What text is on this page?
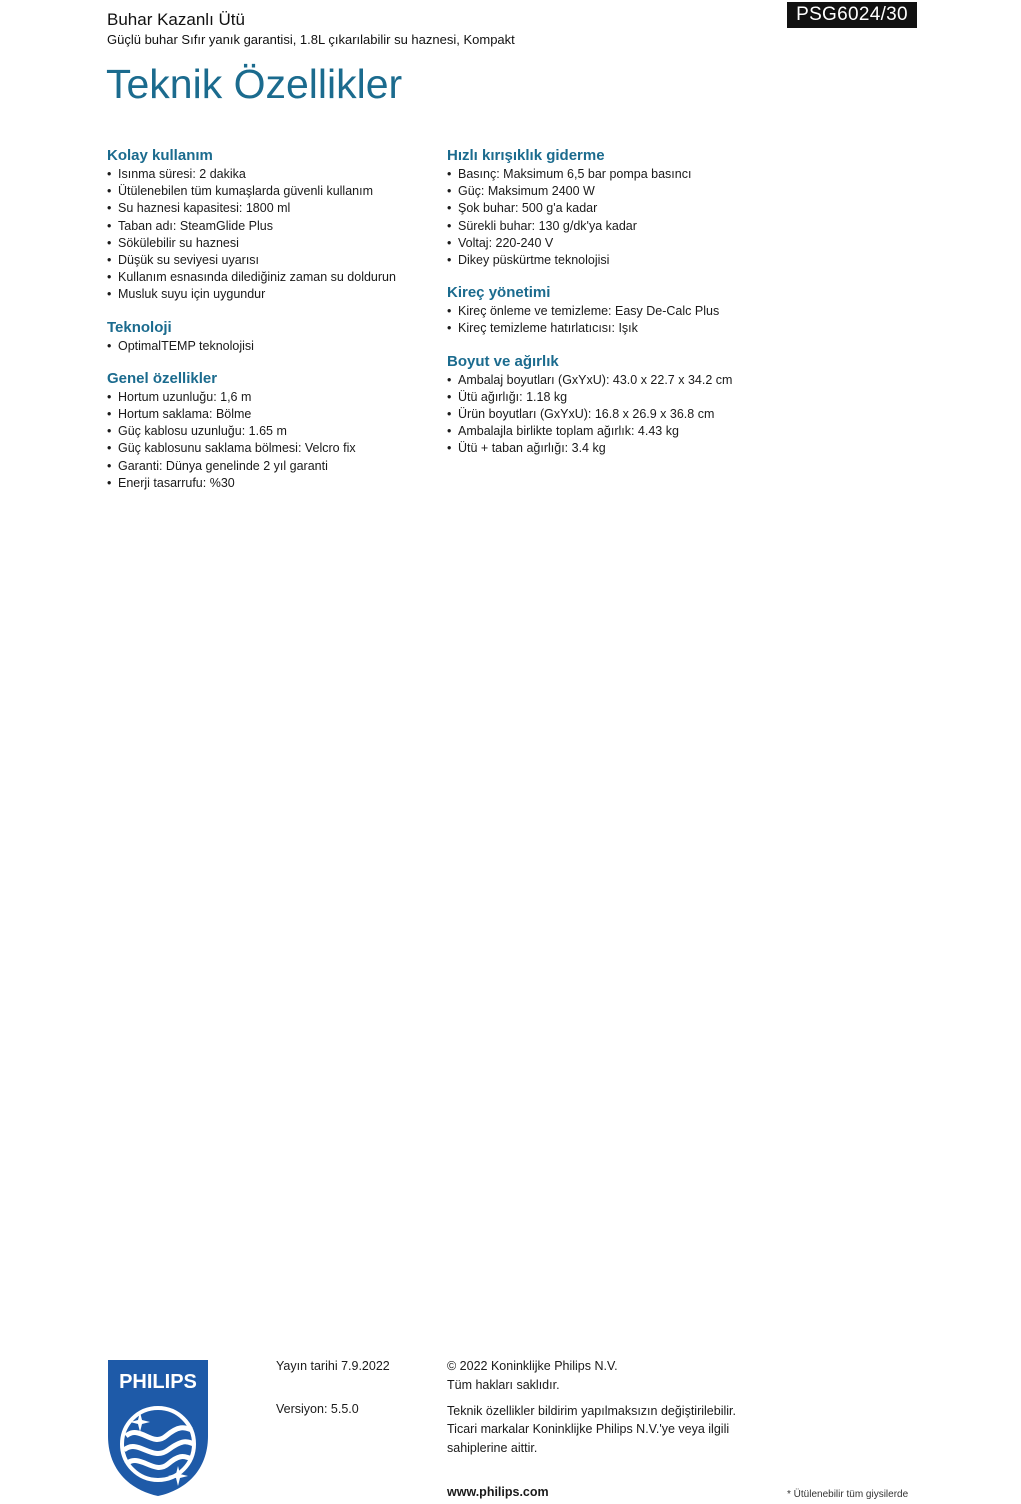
Buhar Kazanlı Ütü
Güçlü buhar Sıfır yanık garantisi, 1.8L çıkarılabilir su haznesi, Kompakt
PSG6024/30
Teknik Özellikler
Kolay kullanım
• Isınma süresi: 2 dakika
• Ütülenebilen tüm kumaşlarda güvenli kullanım
• Su haznesi kapasitesi: 1800 ml
• Taban adı: SteamGlide Plus
• Sökülebilir su haznesi
• Düşük su seviyesi uyarısı
• Kullanım esnasında dilediğiniz zaman su doldurun
• Musluk suyu için uygundur
Teknoloji
• OptimalTEMP teknolojisi
Genel özellikler
• Hortum uzunluğu: 1,6 m
• Hortum saklama: Bölme
• Güç kablosu uzunluğu: 1.65 m
• Güç kablosunu saklama bölmesi: Velcro fix
• Garanti: Dünya genelinde 2 yıl garanti
• Enerji tasarrufu: %30
Hızlı kırışıklık giderme
• Basınç: Maksimum 6,5 bar pompa basıncı
• Güç: Maksimum 2400 W
• Şok buhar: 500 g'a kadar
• Sürekli buhar: 130 g/dk'ya kadar
• Voltaj: 220-240 V
• Dikey püskürtme teknolojisi
Kireç yönetimi
• Kireç önleme ve temizleme: Easy De-Calc Plus
• Kireç temizleme hatırlatıcısı: Işık
Boyut ve ağırlık
• Ambalaj boyutları (GxYxU): 43.0 x 22.7 x 34.2 cm
• Ütü ağırlığı: 1.18 kg
• Ürün boyutları (GxYxU): 16.8 x 26.9 x 36.8 cm
• Ambalajla birlikte toplam ağırlık: 4.43 kg
• Ütü + taban ağırlığı: 3.4 kg
PHILIPS
Yayın tarihi 7.9.2022
Versiyon: 5.5.0
© 2022 Koninklijke Philips N.V.
Tüm hakları saklıdır.
Teknik özellikler bildirim yapılmaksızın değiştirilebilir.
Ticari markalar Koninklijke Philips N.V.'ye veya ilgili sahiplerine aittir.
www.philips.com	* Ütülenebilir tüm giysilerde
